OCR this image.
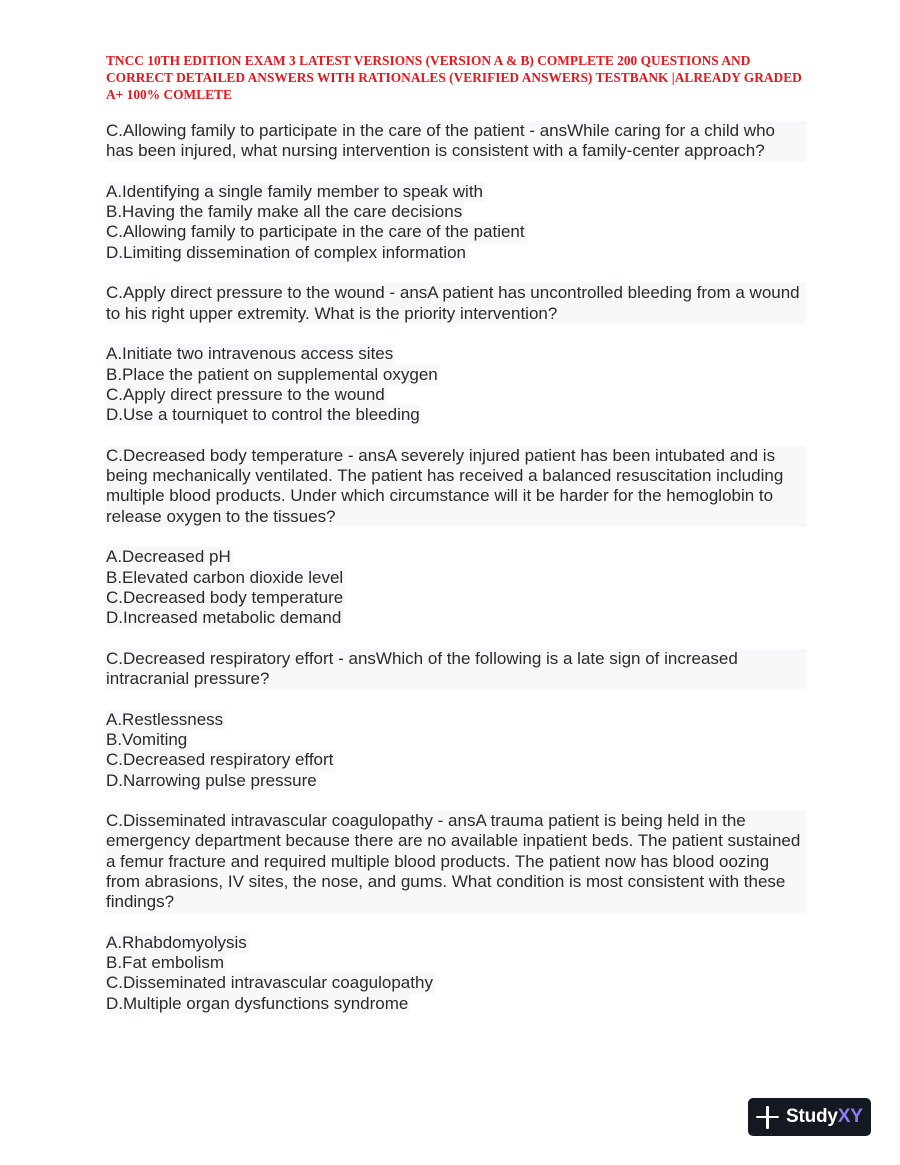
TNCC 10TH EDITION EXAM 3 LATEST VERSIONS (VERSION A & B) COMPLETE 200 QUESTIONS AND CORRECT DETAILED ANSWERS WITH RATIONALES (VERIFIED ANSWERS) TESTBANK |ALREADY GRADED A+ 100% COMLETE

C.Allowing family to participate in the care of the patient - ansWhile caring for a child who has been injured, what nursing intervention is consistent with a family-center approach?

A.Identifying a single family member to speak with

B.Having the family make all the care decisions

C.Allowing family to participate in the care of the patient

D.Limiting dissemination of complex information

C.Apply direct pressure to the wound - ansA patient has uncontrolled bleeding from a wound to his right upper extremity. What is the priority intervention?

A.Initiate two intravenous access sites

B.Place the patient on supplemental oxygen

C.Apply direct pressure to the wound

D.Use a tourniquet to control the bleeding

C.Decreased body temperature - ansA severely injured patient has been intubated and is being mechanically ventilated. The patient has received a balanced resuscitation including multiple blood products. Under which circumstance will it be harder for the hemoglobin to release oxygen to the tissues?

A.Decreased pH

B.Elevated carbon dioxide level

C.Decreased body temperature

D.Increased metabolic demand

C.Decreased respiratory effort - ansWhich of the following is a late sign of increased intracranial pressure?

A.Restlessness

B.Vomiting

C.Decreased respiratory effort

D.Narrowing pulse pressure

C.Disseminated intravascular coagulopathy - ansA trauma patient is being held in the emergency department because there are no available inpatient beds. The patient sustained a femur fracture and required multiple blood products. The patient now has blood oozing from abrasions, IV sites, the nose, and gums. What condition is most consistent with these findings?

A.Rhabdomyolysis

B.Fat embolism

C.Disseminated intravascular coagulopathy

D.Multiple organ dysfunctions syndrome

StudyXY
